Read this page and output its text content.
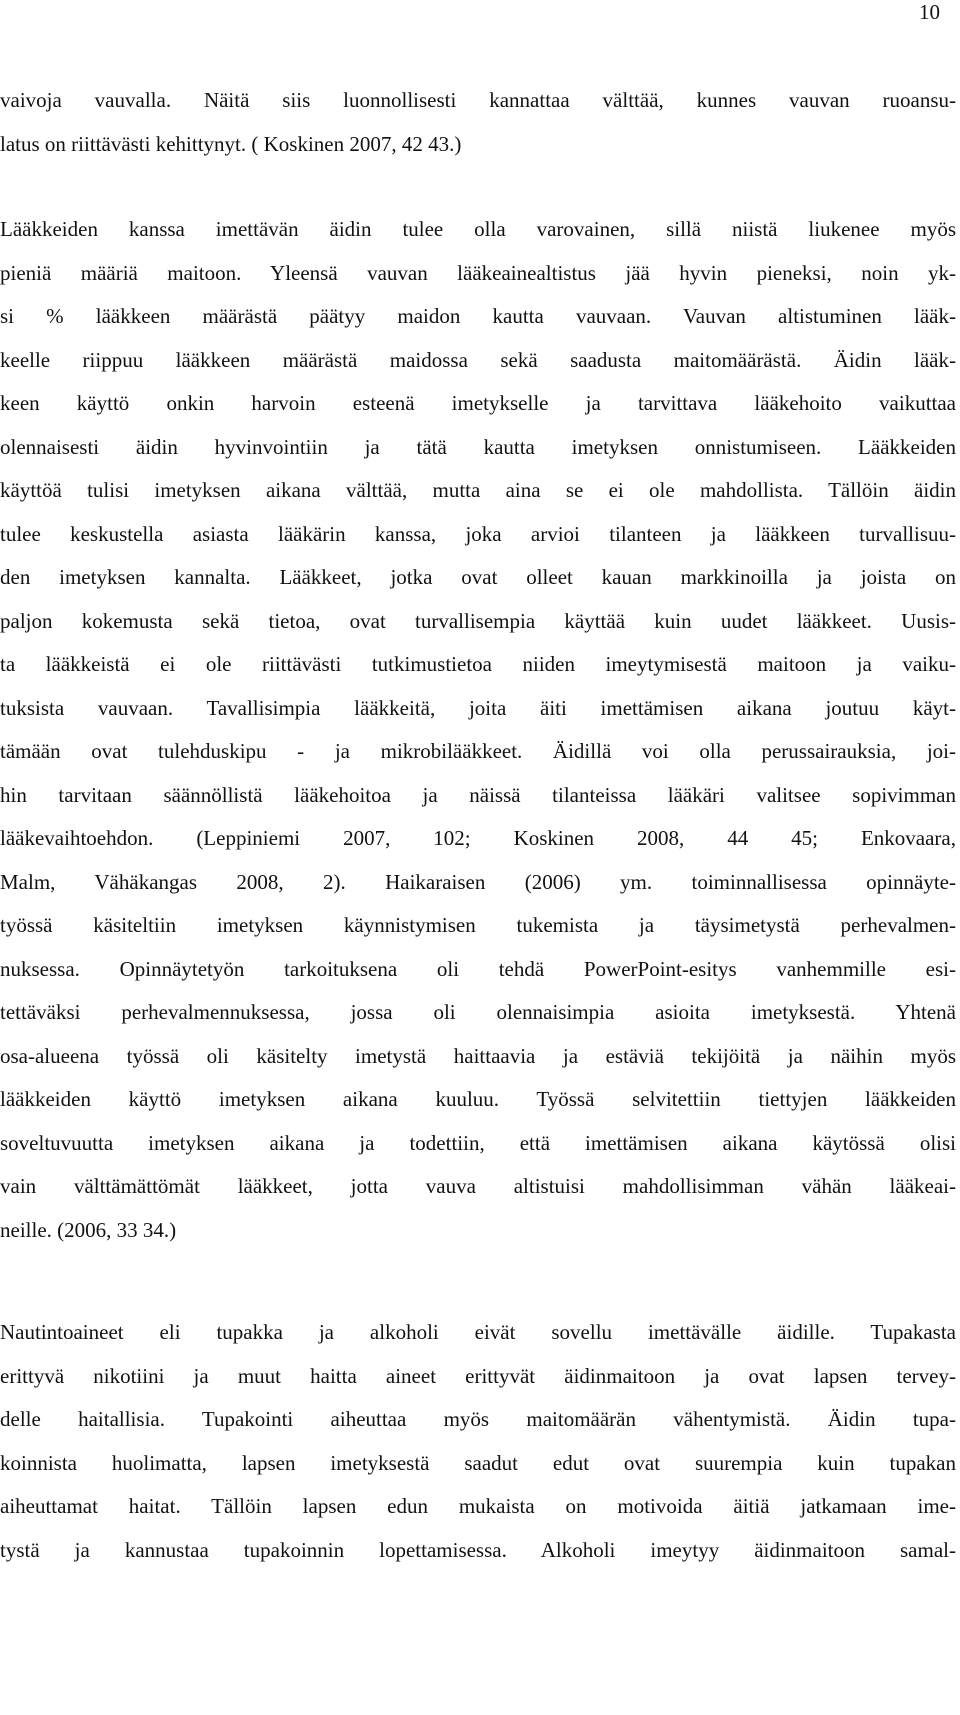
10
vaivoja vauvalla. Näitä siis luonnollisesti kannattaa välttää, kunnes vauvan ruoansu-
latus on riittävästi kehittynyt. ( Koskinen 2007, 42 43.)
Lääkkeiden kanssa imettävän äidin tulee olla varovainen, sillä niistä liukenee myös
pieniä määriä maitoon. Yleensä vauvan lääkeainealtistus jää hyvin pieneksi, noin yk-
si % lääkkeen määrästä päätyy maidon kautta vauvaan. Vauvan altistuminen lääk-
keelle riippuu lääkkeen määrästä maidossa sekä saadusta maitomäärästä. Äidin lääk-
keen käyttö onkin harvoin esteenä imetykselle ja tarvittava lääkehoito vaikuttaa
olennaisesti äidin hyvinvointiin ja tätä kautta imetyksen onnistumiseen. Lääkkeiden
käyttöä tulisi imetyksen aikana välttää, mutta aina se ei ole mahdollista. Tällöin äidin
tulee keskustella asiasta lääkärin kanssa, joka arvioi tilanteen ja lääkkeen turvallisuu-
den imetyksen kannalta. Lääkkeet, jotka ovat olleet kauan markkinoilla ja joista on
paljon kokemusta sekä tietoa, ovat turvallisempia käyttää kuin uudet lääkkeet. Uusis-
ta lääkkeistä ei ole riittävästi tutkimustietoa niiden imeytymisestä maitoon ja vaiku-
tuksista vauvaan. Tavallisimpia lääkkeitä, joita äiti imettämisen aikana joutuu käyt-
tämään ovat tulehduskipu - ja mikrobilääkkeet. Äidillä voi olla perussairauksia, joi-
hin tarvitaan säännöllistä lääkehoitoa ja näissä tilanteissa lääkäri valitsee sopivimman
lääkevaihtoehdon. (Leppiniemi 2007, 102; Koskinen 2008, 44 45; Enkovaara,
Malm, Vähäkangas 2008, 2). Haikaraisen (2006) ym. toiminnallisessa opinnäyte-
työssä käsiteltiin imetyksen käynnistymisen tukemista ja täysimetystä perhevalmen-
nuksessa. Opinnäytetyön tarkoituksena oli tehdä PowerPoint-esitys vanhemmille esi-
tettäväksi perhevalmennuksessa, jossa oli olennaisimpia asioita imetyksestä. Yhtenä
osa-alueena työssä oli käsitelty imetystä haittaavia ja estäviä tekijöitä ja näihin myös
lääkkeiden käyttö imetyksen aikana kuuluu. Työssä selvitettiin tiettyjen lääkkeiden
soveltuvuutta imetyksen aikana ja todettiin, että imettämisen aikana käytössä olisi
vain välttämättömät lääkkeet, jotta vauva altistuisi mahdollisimman vähän lääkeai-
neille. (2006, 33 34.)
Nautintoaineet eli tupakka ja alkoholi eivät sovellu imettävälle äidille. Tupakasta
erittyvä nikotiini ja muut haitta aineet erittyvät äidinmaitoon ja ovat lapsen tervey-
delle haitallisia. Tupakointi aiheuttaa myös maitomäärän vähentymistä. Äidin tupa-
koinnista huolimatta, lapsen imetyksestä saadut edut ovat suurempia kuin tupakan
aiheuttamat haitat. Tällöin lapsen edun mukaista on motivoida äitiä jatkamaan ime-
tystä ja kannustaa tupakoinnin lopettamisessa. Alkoholi imeytyy äidinmaitoon samal-
